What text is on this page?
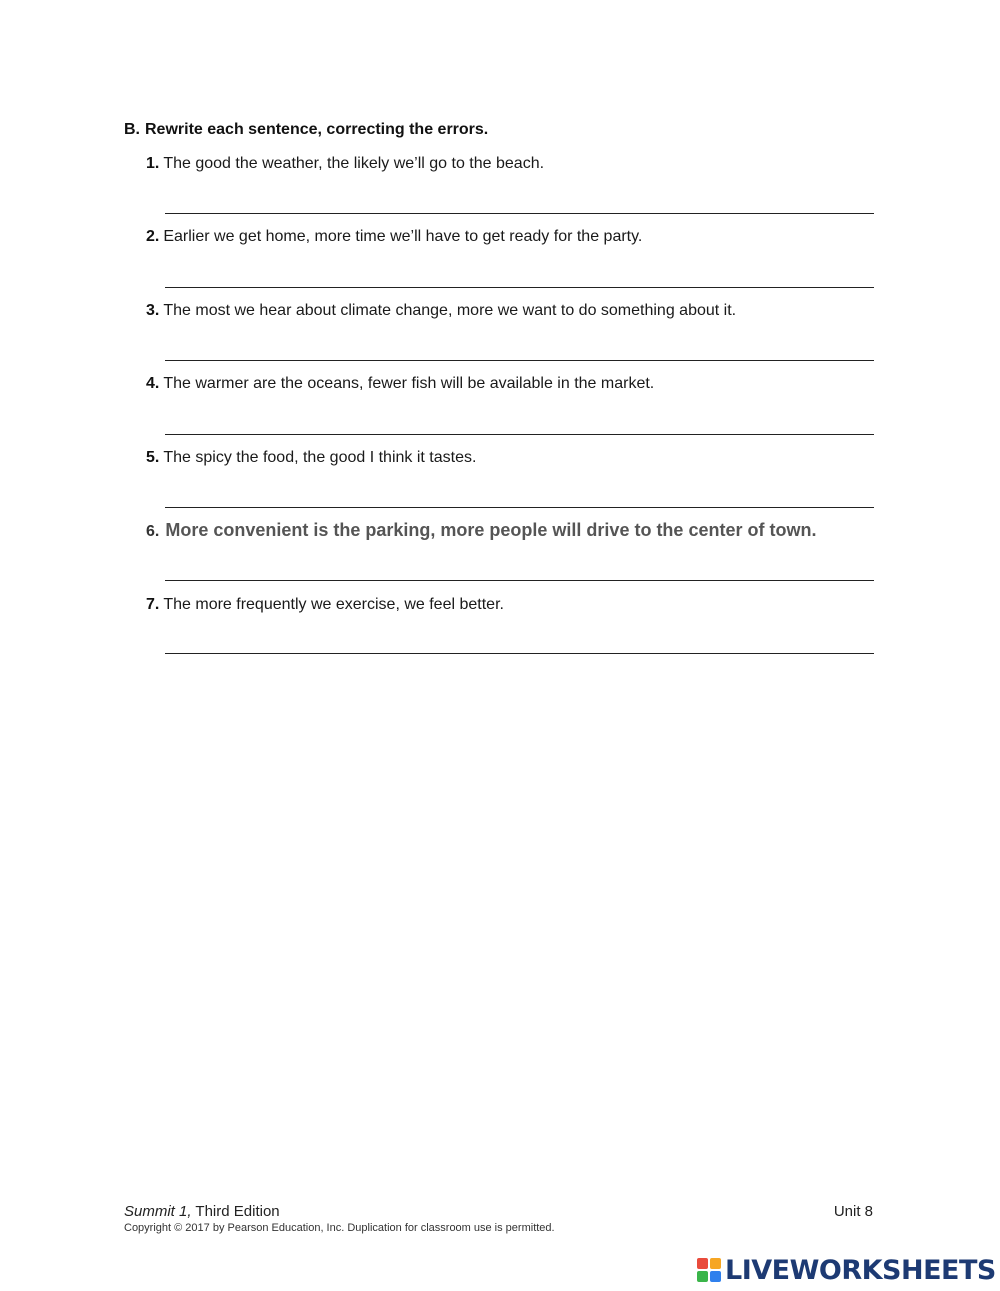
B. Rewrite each sentence, correcting the errors.
1. The good the weather, the likely we’ll go to the beach.
2. Earlier we get home, more time we’ll have to get ready for the party.
3. The most we hear about climate change, more we want to do something about it.
4. The warmer are the oceans, fewer fish will be available in the market.
5. The spicy the food, the good I think it tastes.
6. More convenient is the parking, more people will drive to the center of town.
7. The more frequently we exercise, we feel better.
Summit 1, Third Edition
Copyright © 2017 by Pearson Education, Inc. Duplication for classroom use is permitted.
Unit 8
LIVEWORKSHEETS
